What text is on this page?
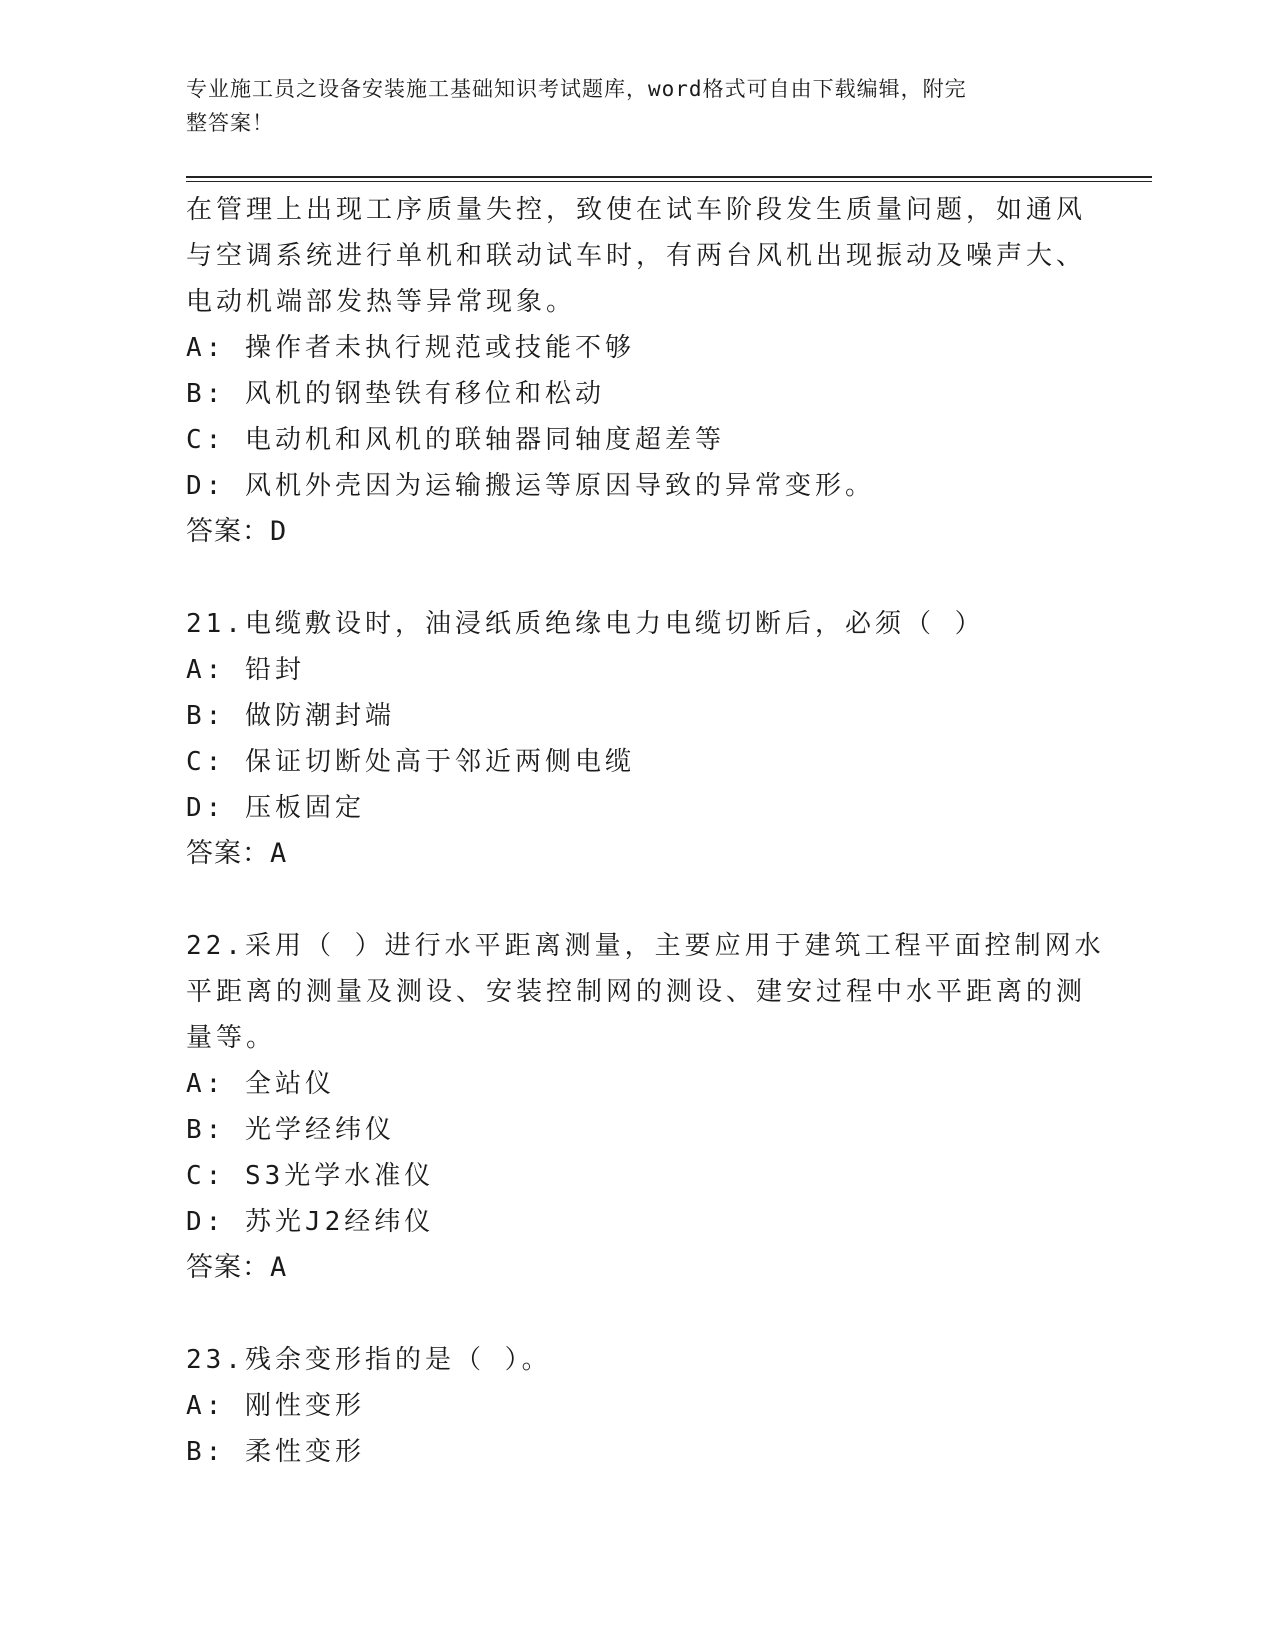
专业施工员之设备安装施工基础知识考试题库，word格式可自由下载编辑，附完
整答案！
在管理上出现工序质量失控，致使在试车阶段发生质量问题，如通风
与空调系统进行单机和联动试车时，有两台风机出现振动及噪声大、
电动机端部发热等异常现象。
A: 操作者未执行规范或技能不够
B: 风机的钢垫铁有移位和松动
C: 电动机和风机的联轴器同轴度超差等
D: 风机外壳因为运输搬运等原因导致的异常变形。
答案：D
21.电缆敷设时，油浸纸质绝缘电力电缆切断后，必须（ ）
A: 铅封
B: 做防潮封端
C: 保证切断处高于邻近两侧电缆
D: 压板固定
答案：A
22.采用（ ）进行水平距离测量，主要应用于建筑工程平面控制网水
平距离的测量及测设、安装控制网的测设、建安过程中水平距离的测
量等。
A: 全站仪
B: 光学经纬仪
C: S3光学水准仪
D: 苏光J2经纬仪
答案：A
23.残余变形指的是（ ）。
A: 刚性变形
B: 柔性变形
